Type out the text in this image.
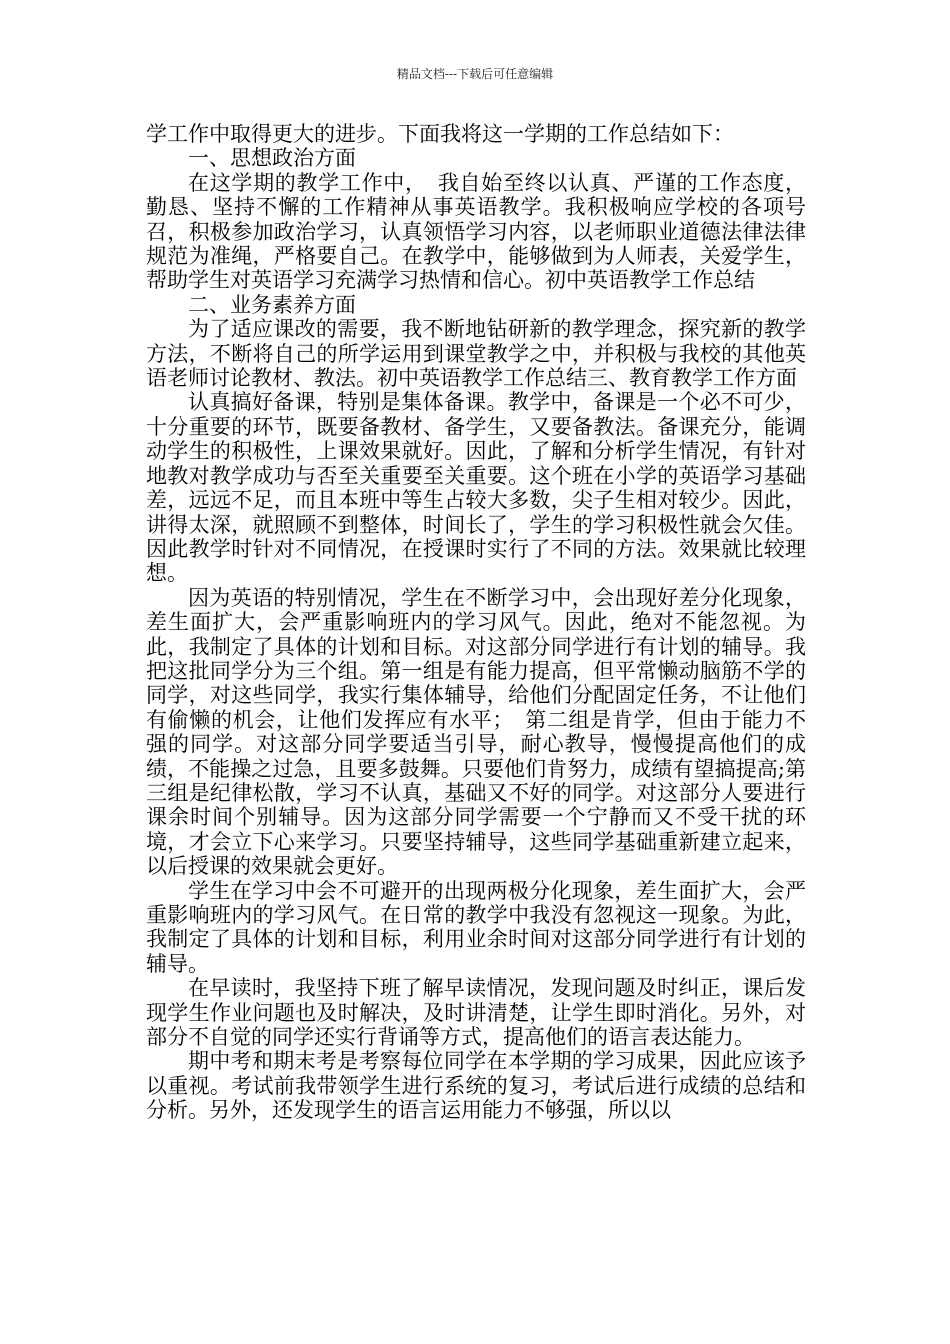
精品文档---下载后可任意编辑

学工作中取得更大的进步。下面我将这一学期的工作总结如下：

一、思想政治方面

在这学期的教学工作中，　我自始至终以认真、严谨的工作态度，勤恳、坚持不懈的工作精神从事英语教学。我积极响应学校的各项号召，积极参加政治学习，认真领悟学习内容，以老师职业道德法律法律规范为准绳，严格要自己。在教学中，能够做到为人师表，关爱学生，帮助学生对英语学习充满学习热情和信心。初中英语教学工作总结

二、业务素养方面

为了适应课改的需要，我不断地钻研新的教学理念，探究新的教学方法，不断将自己的所学运用到课堂教学之中，并积极与我校的其他英语老师讨论教材、教法。初中英语教学工作总结三、教育教学工作方面

认真搞好备课，特别是集体备课。教学中，备课是一个必不可少，十分重要的环节，既要备教材、备学生，又要备教法。备课充分，能调动学生的积极性，上课效果就好。因此，了解和分析学生情况，有针对地教对教学成功与否至关重要至关重要。这个班在小学的英语学习基础差，远远不足，而且本班中等生占较大多数，尖子生相对较少。因此，讲得太深，就照顾不到整体，时间长了，学生的学习积极性就会欠佳。因此教学时针对不同情况，在授课时实行了不同的方法。效果就比较理想。

因为英语的特别情况，学生在不断学习中，会出现好差分化现象，差生面扩大，会严重影响班内的学习风气。因此，绝对不能忽视。为此，我制定了具体的计划和目标。对这部分同学进行有计划的辅导。我把这批同学分为三个组。第一组是有能力提高，但平常懒动脑筋不学的同学，对这些同学，我实行集体辅导，给他们分配固定任务，不让他们有偷懒的机会，让他们发挥应有水平；　第二组是肯学，但由于能力不强的同学。对这部分同学要适当引导，耐心教导，慢慢提高他们的成绩，不能操之过急，且要多鼓舞。只要他们肯努力，成绩有望搞提高;第三组是纪律松散，学习不认真，基础又不好的同学。对这部分人要进行课余时间个别辅导。因为这部分同学需要一个宁静而又不受干扰的环境，才会立下心来学习。只要坚持辅导，这些同学基础重新建立起来，以后授课的效果就会更好。

学生在学习中会不可避开的出现两极分化现象，差生面扩大，会严重影响班内的学习风气。在日常的教学中我没有忽视这一现象。为此，我制定了具体的计划和目标，利用业余时间对这部分同学进行有计划的辅导。

在早读时，我坚持下班了解早读情况，发现问题及时纠正，课后发现学生作业问题也及时解决，及时讲清楚，让学生即时消化。另外，对部分不自觉的同学还实行背诵等方式，提高他们的语言表达能力。

期中考和期末考是考察每位同学在本学期的学习成果，因此应该予以重视。考试前我带领学生进行系统的复习，考试后进行成绩的总结和分析。另外，还发现学生的语言运用能力不够强，所以以
